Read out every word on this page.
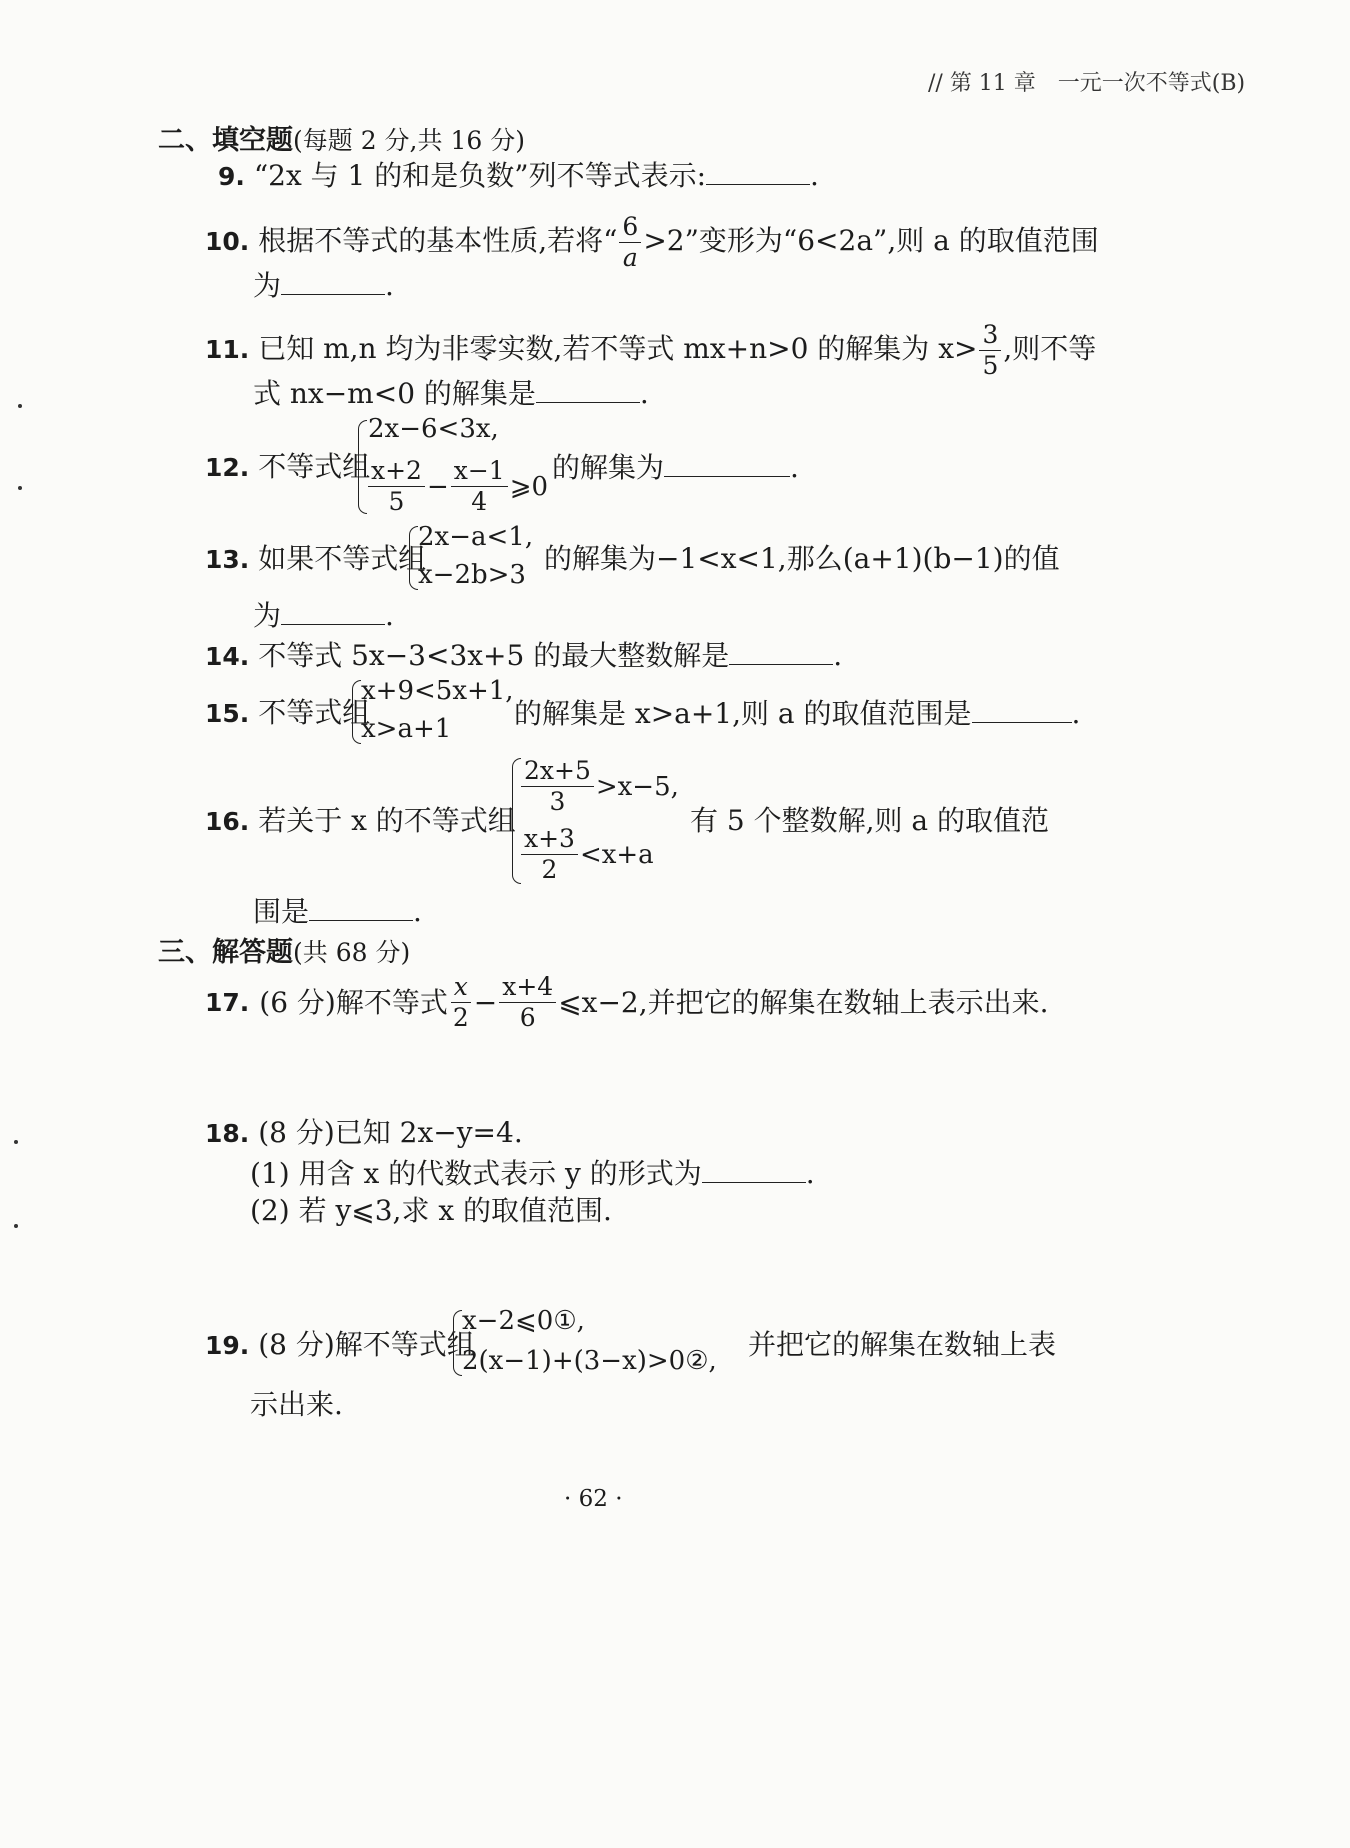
// 第 11 章　一元一次不等式(B)
二、填空题(每题 2 分,共 16 分)
9. “2x 与 1 的和是负数”列不等式表示:	.
10. 根据不等式的基本性质,若将“ $\frac{6}{a} >2$”变形为“6<2a”,则 a 的取值范围
为	.
11. 已知 m,n 均为非零实数,若不等式 mx+n>0 的解集为 $x> \frac{3}{5}$ ,则不等
式 nx−m<0 的解集是	.
12. 不等式组
2x−6<3x,
$\frac{x+2}{5} - \frac{x-1}{4}$ ⩾0
的解集为	.
13. 如果不等式组
2x−a<1,
x−2b>3 的解集为−1<x<1,那么(a+1)(b−1)的值
为	.
14. 不等式 5x−3<3x+5 的最大整数解是	.
15. 不等式组
x+9<5x+1,
x>a+1 的解集是 x>a+1,则 a 的取值范围是	.
16. 若关于 x 的不等式组
$\frac{2x+5}{3} >x-5$,
$\frac{x+3}{2} <x+a$
有 5 个整数解,则 a 的取值范
围是	.
三、解答题(共 68 分)
17. (6 分)解不等式 $\frac{x}{2} - \frac{x+4}{6}$ ⩽x−2,并把它的解集在数轴上表示出来.
18. (8 分)已知 2x−y=4.
(1) 用含 x 的代数式表示 y 的形式为	.
(2) 若 y⩽3,求 x 的取值范围.
19. (8 分)解不等式组
x−2⩽0①,
2(x−1)+(3−x)>0②, 并把它的解集在数轴上表
示出来.
· 62 ·
